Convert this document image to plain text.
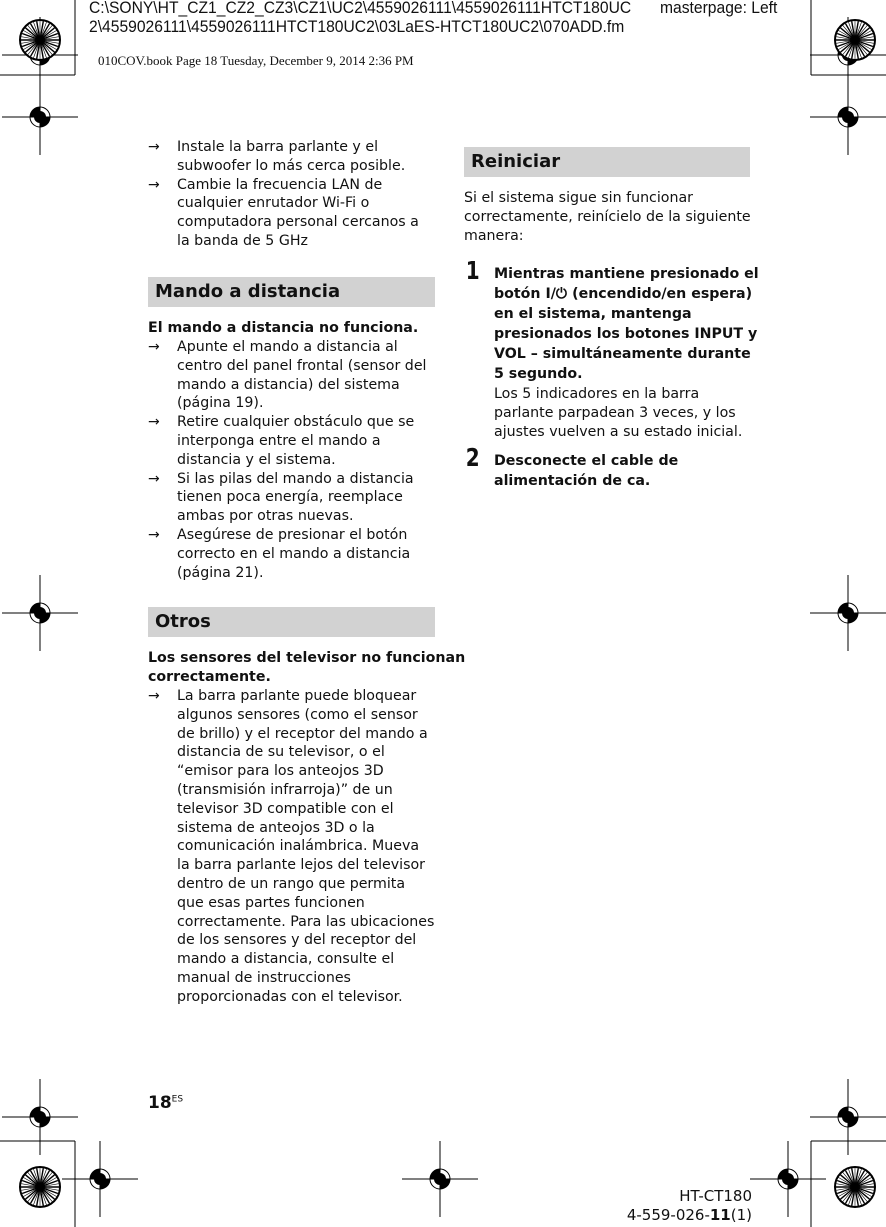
C:\SONY\HT_CZ1_CZ2_CZ3\CZ1\UC2\4559026111\4559026111HTCT180UC masterpage: Left
2\4559026111\4559026111HTCT180UC2\03LaES-HTCT180UC2\070ADD.fm
010COV.book Page 18 Tuesday, December 9, 2014 2:36 PM
→ Instale la barra parlante y el
subwoofer lo más cerca posible.
→ Cambie la frecuencia LAN de
cualquier enrutador Wi-Fi o
computadora personal cercanos a
la banda de 5 GHz
Mando a distancia
El mando a distancia no funciona.
→ Apunte el mando a distancia al
centro del panel frontal (sensor del
mando a distancia) del sistema
(página 19).
→ Retire cualquier obstáculo que se
interponga entre el mando a
distancia y el sistema.
→ Si las pilas del mando a distancia
tienen poca energía, reemplace
ambas por otras nuevas.
→ Asegúrese de presionar el botón
correcto en el mando a distancia
(página 21).
Otros
Los sensores del televisor no funcionan
correctamente.
→ La barra parlante puede bloquear
algunos sensores (como el sensor
de brillo) y el receptor del mando a
distancia de su televisor, o el
“emisor para los anteojos 3D
(transmisión infrarroja)” de un
televisor 3D compatible con el
sistema de anteojos 3D o la
comunicación inalámbrica. Mueva
la barra parlante lejos del televisor
dentro de un rango que permita
que esas partes funcionen
correctamente. Para las ubicaciones
de los sensores y del receptor del
mando a distancia, consulte el
manual de instrucciones
proporcionadas con el televisor.
Reiniciar
Si el sistema sigue sin funcionar
correctamente, reinícielo de la siguiente
manera:
1 Mientras mantiene presionado el
botón I/⏻ (encendido/en espera)
en el sistema, mantenga
presionados los botones INPUT y
VOL – simultáneamente durante
5 segundo.
Los 5 indicadores en la barra
parlante parpadean 3 veces, y los
ajustes vuelven a su estado inicial.
2 Desconecte el cable de
alimentación de ca.
$18^{ES}$
HT-CT180
4-559-026-11(1)
